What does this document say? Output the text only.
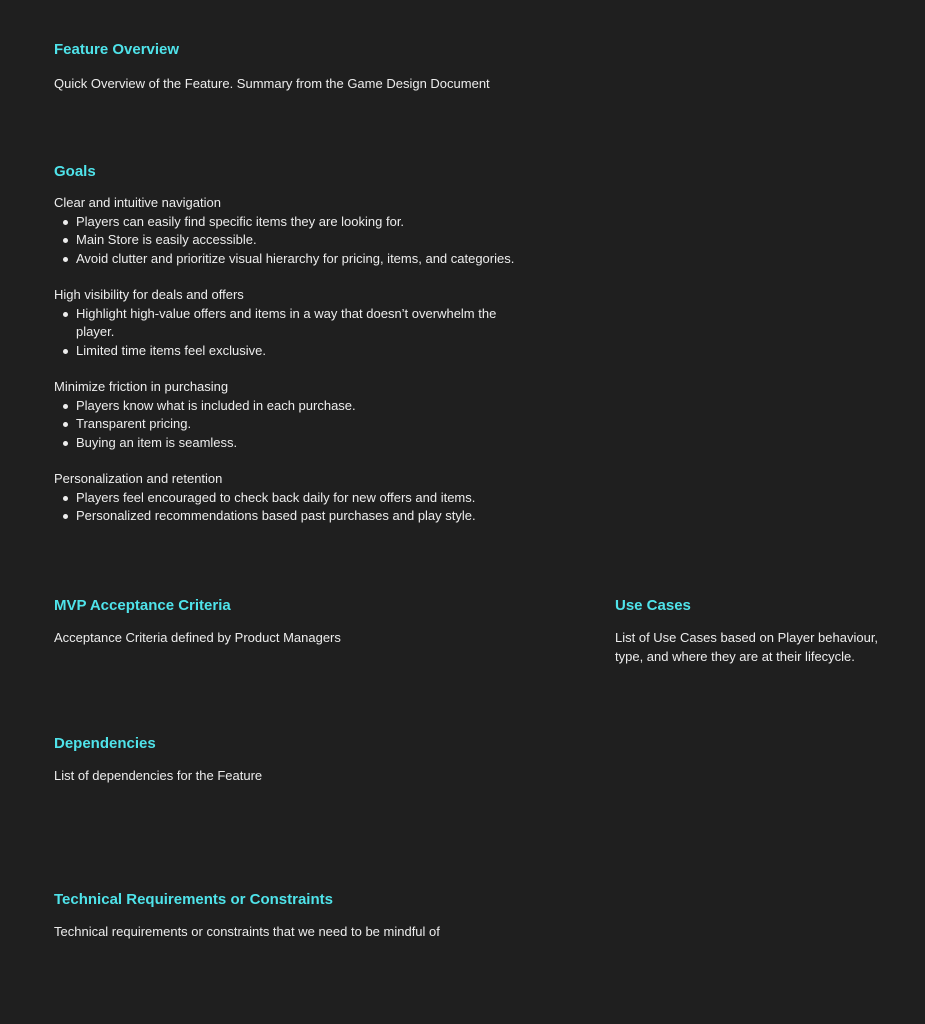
Feature Overview

Quick Overview of the Feature. Summary from the Game Design Document

Goals

Clear and intuitive navigation

Players can easily find specific items they are looking for.
Main Store is easily accessible.
Avoid clutter and prioritize visual hierarchy for pricing, items, and categories.

High visibility for deals and offers

Highlight high-value offers and items in a way that doesn’t overwhelm the player.
Limited time items feel exclusive.

Minimize friction in purchasing

Players know what is included in each purchase.
Transparent pricing.
Buying an item is seamless.

Personalization and retention

Players feel encouraged to check back daily for new offers and items.
Personalized recommendations based past purchases and play style.
MVP Acceptance Criteria

Acceptance Criteria defined by Product Managers

Use Cases

List of Use Cases based on Player behaviour, type, and where they are at their lifecycle.

Dependencies

List of dependencies for the Feature

Technical Requirements or Constraints

Technical requirements or constraints that we need to be mindful of
